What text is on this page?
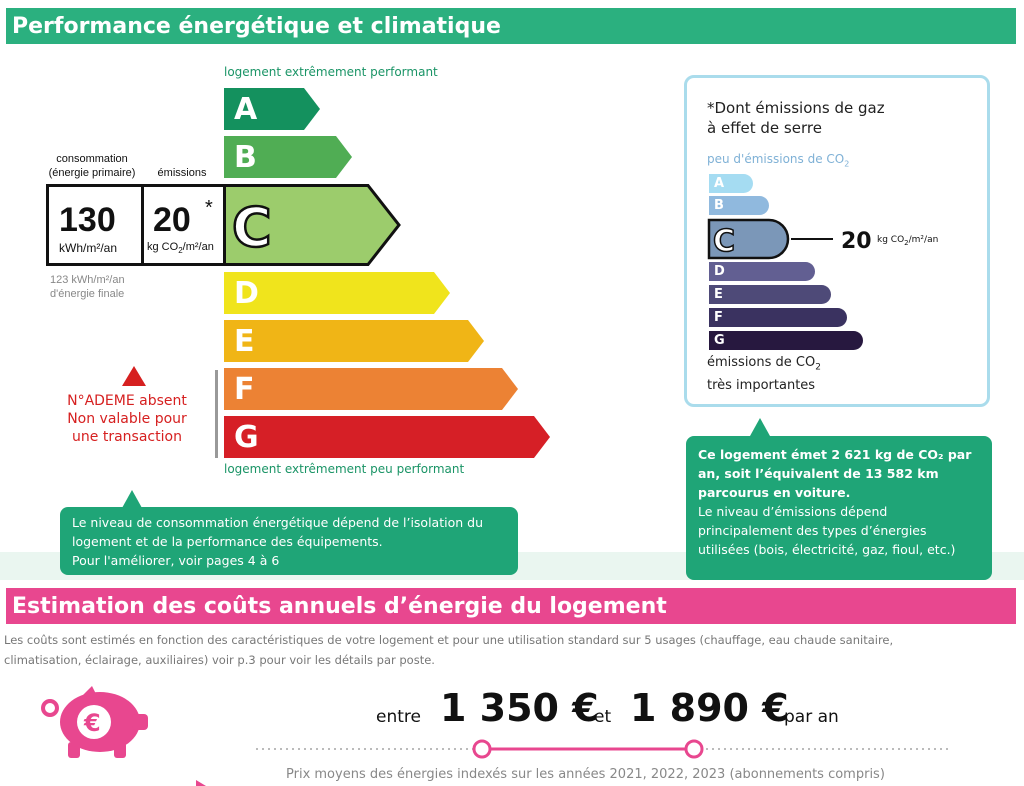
Performance énergétique et climatique
logement extrêmement performant
A
B
C
130
kWh/m²/an
20 *
kg $CO_2/m^2/an$
consommation
(énergie primaire)	émissions
123 kWh/m²/an
d'énergie finale	D
E
F
G
logement extrêmement peu performant
N°ADEME absent
Non valable pour
une transaction
Le niveau de consommation énergétique dépend de l’isolation du
logement et de la performance des équipements.
Pour l'améliorer, voir pages 4 à 6
*Dont émissions de gaz
à effet de serre
peu d'émissions de $CO_2$
A
B
C	20 kg $CO_2/m^2/an$
D
E
F
G
émissions de $CO_2$
très importantes
Ce logement émet 2 621 kg de CO₂ par
an, soit l’équivalent de 13 582 km
parcourus en voiture.
Le niveau d’émissions dépend
principalement des types d’énergies
utilisées (bois, électricité, gaz, fioul, etc.)
Estimation des coûts annuels d’énergie du logement
Les coûts sont estimés en fonction des caractéristiques de votre logement et pour une utilisation standard sur 5 usages (chauffage, eau chaude sanitaire,
climatisation, éclairage, auxiliaires) voir p.3 pour voir les détails par poste.
€	entre 1 350 €
et 1 890 €
par an
Prix moyens des énergies indexés sur les années 2021, 2022, 2023 (abonnements compris)
